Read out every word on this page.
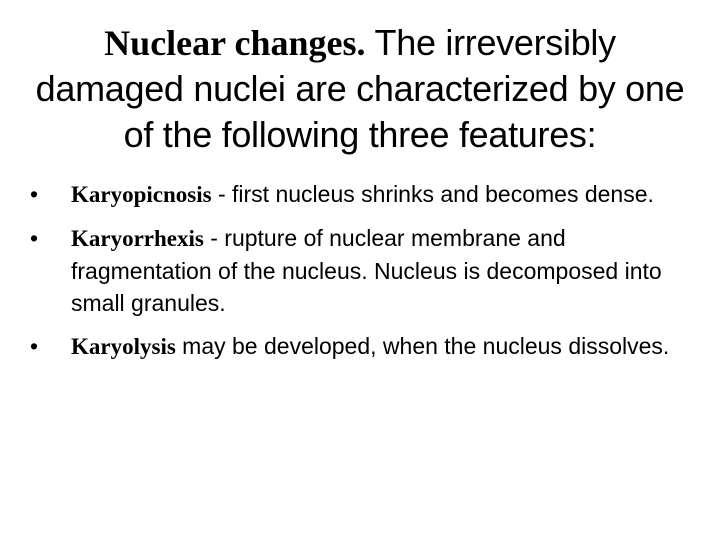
Nuclear changes. The irreversibly damaged nuclei are characterized by one of the following three features:
• Karyopicnosis - first nucleus shrinks and becomes dense.
• Karyorrhexis - rupture of nuclear membrane and fragmentation of the nucleus. Nucleus is decomposed into small granules.
• Karyolysis may be developed, when the nucleus dissolves.
